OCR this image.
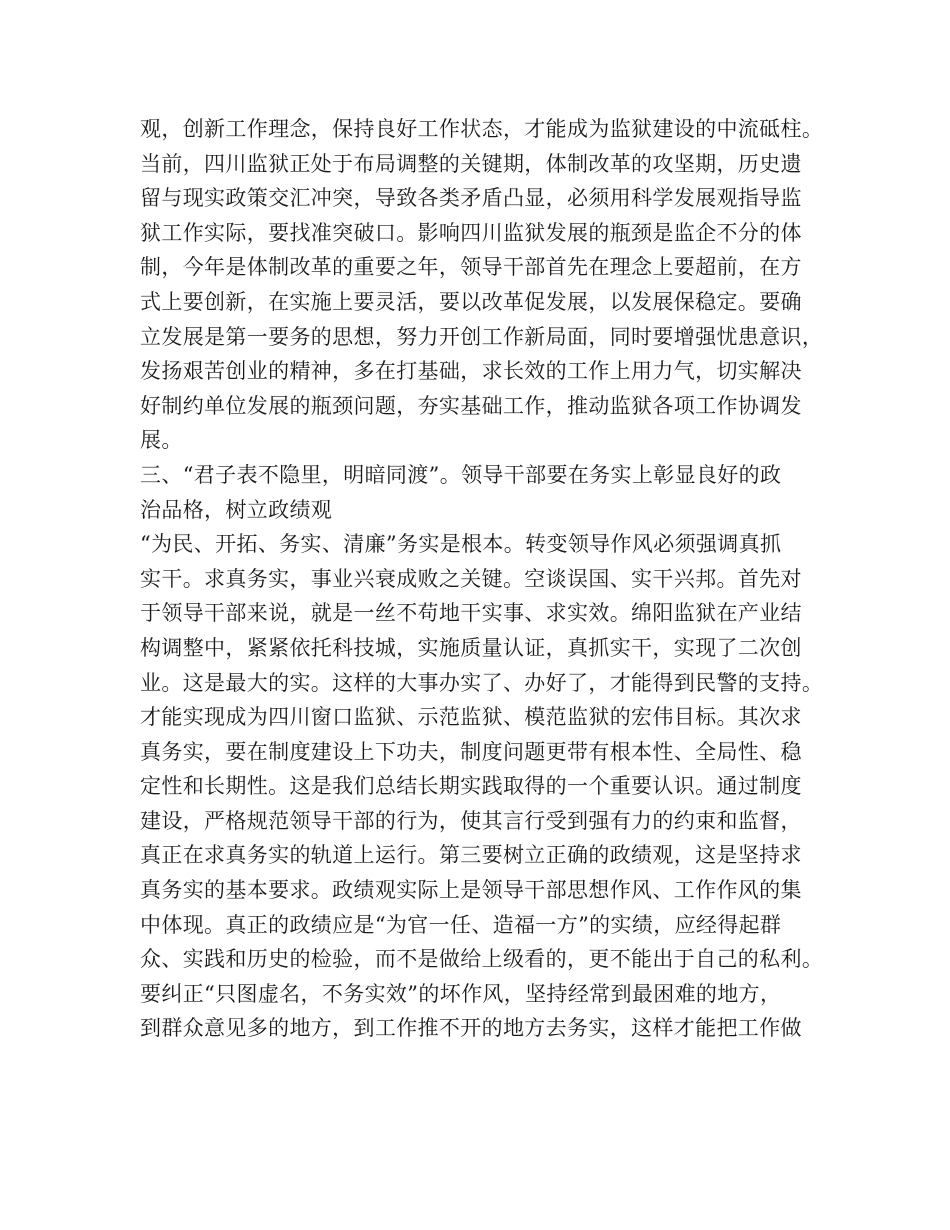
观，创新工作理念，保持良好工作状态，才能成为监狱建设的中流砥柱。
当前，四川监狱正处于布局调整的关键期，体制改革的攻坚期，历史遗
留与现实政策交汇冲突，导致各类矛盾凸显，必须用科学发展观指导监
狱工作实际，要找准突破口。影响四川监狱发展的瓶颈是监企不分的体
制，今年是体制改革的重要之年，领导干部首先在理念上要超前，在方
式上要创新，在实施上要灵活，要以改革促发展，以发展保稳定。要确
立发展是第一要务的思想，努力开创工作新局面，同时要增强忧患意识，
发扬艰苦创业的精神，多在打基础，求长效的工作上用力气，切实解决
好制约单位发展的瓶颈问题，夯实基础工作，推动监狱各项工作协调发
展。
三、“君子表不隐里，明暗同渡”。领导干部要在务实上彰显良好的政
治品格，树立政绩观
“为民、开拓、务实、清廉”务实是根本。转变领导作风必须强调真抓
实干。求真务实，事业兴衰成败之关键。空谈误国、实干兴邦。首先对
于领导干部来说，就是一丝不苟地干实事、求实效。绵阳监狱在产业结
构调整中，紧紧依托科技城，实施质量认证，真抓实干，实现了二次创
业。这是最大的实。这样的大事办实了、办好了，才能得到民警的支持。
才能实现成为四川窗口监狱、示范监狱、模范监狱的宏伟目标。其次求
真务实，要在制度建设上下功夫，制度问题更带有根本性、全局性、稳
定性和长期性。这是我们总结长期实践取得的一个重要认识。通过制度
建设，严格规范领导干部的行为，使其言行受到强有力的约束和监督，
真正在求真务实的轨道上运行。第三要树立正确的政绩观，这是坚持求
真务实的基本要求。政绩观实际上是领导干部思想作风、工作作风的集
中体现。真正的政绩应是“为官一任、造福一方”的实绩，应经得起群
众、实践和历史的检验，而不是做给上级看的，更不能出于自己的私利。
要纠正“只图虚名，不务实效”的坏作风，坚持经常到最困难的地方，
到群众意见多的地方，到工作推不开的地方去务实，这样才能把工作做
